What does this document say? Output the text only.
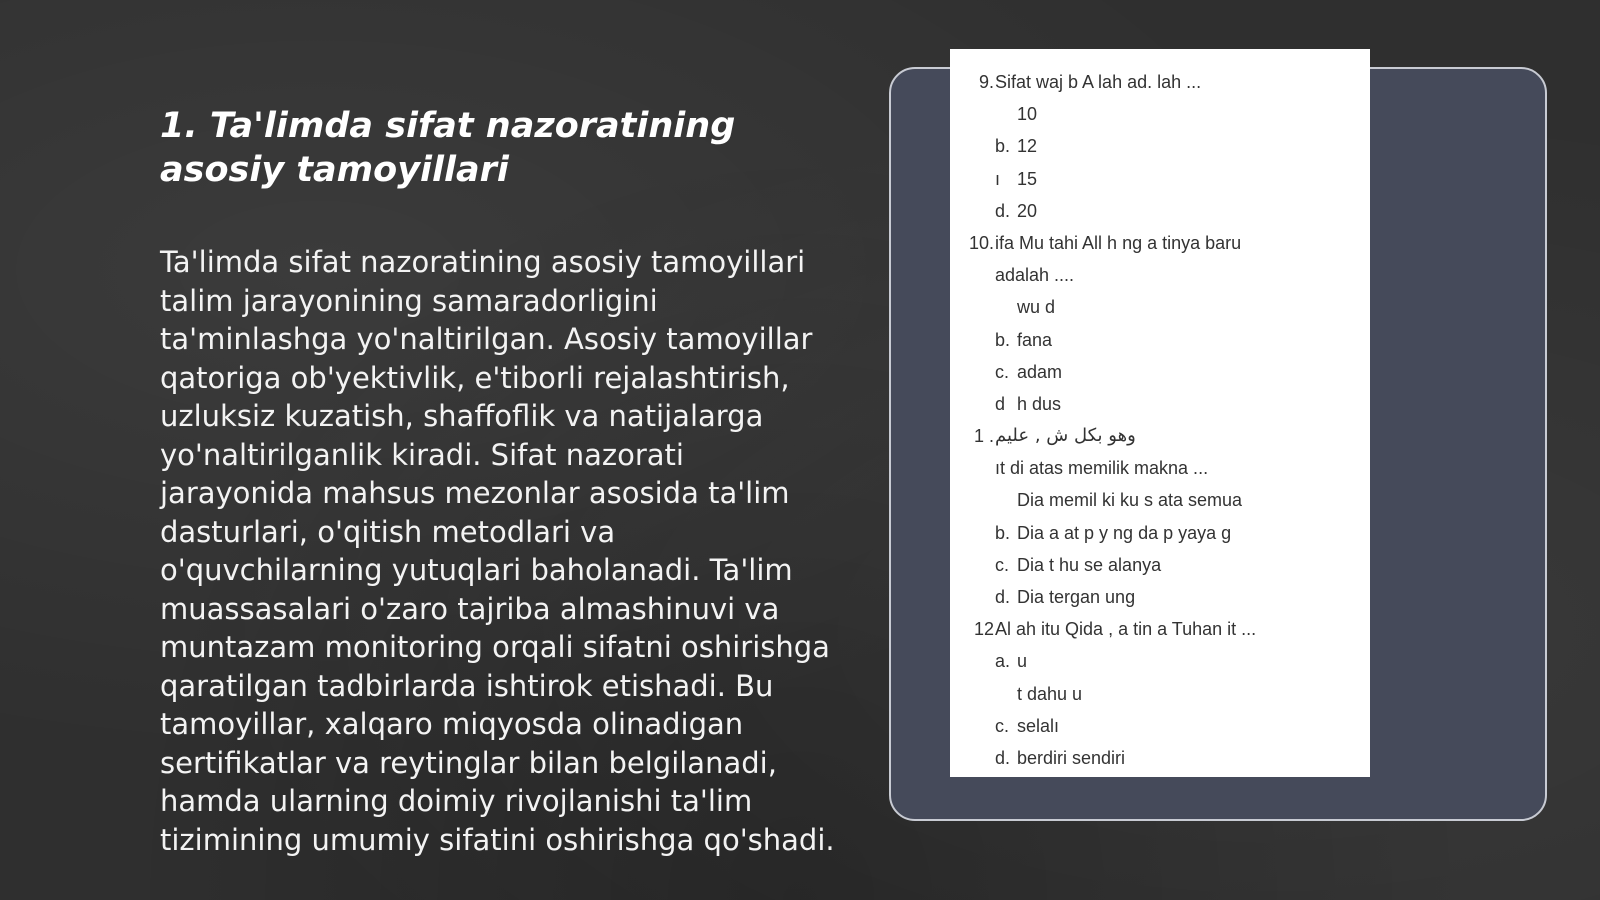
1. Ta'limda sifat nazoratining asosiy tamoyillari

Ta'limda sifat nazoratining asosiy tamoyillari talim jarayonining samaradorligini ta'minlashga yo'naltirilgan. Asosiy tamoyillar qatoriga ob'yektivlik, e'tiborli rejalashtirish, uzluksiz kuzatish, shaffoflik va natijalarga yo'naltirilganlik kiradi. Sifat nazorati jarayonida mahsus mezonlar asosida ta'lim dasturlari, o'qitish metodlari va o'quvchilarning yutuqlari baholanadi. Ta'lim muassasalari o'zaro tajriba almashinuvi va muntazam monitoring orqali sifatni oshirishga qaratilgan tadbirlarda ishtirok etishadi. Bu tamoyillar, xalqaro miqyosda olinadigan sertifikatlar va reytinglar bilan belgilanadi, hamda ularning doimiy rivojlanishi ta'lim tizimining umumiy sifatini oshirishga qo'shadi.

9. Sifat waj b A lah ad. lah ...
10
b. 12
ı 15
d. 20
10. ifa Mu tahi All h ng a tinya baru
adalah ....
wu d
b. fana
c. adam
d h dus
1 . وهو بكل ش , عليم
ıt di atas memilik makna ...
Dia memil ki ku s ata semua
b. Dia a at p y ng da p yaya g
c. Dia t hu se alanya
d. Dia tergan ung
12 Al ah itu Qida , a tin a Tuhan it ...
a. u
t dahu u
c. selalı
d. berdiri sendiri
